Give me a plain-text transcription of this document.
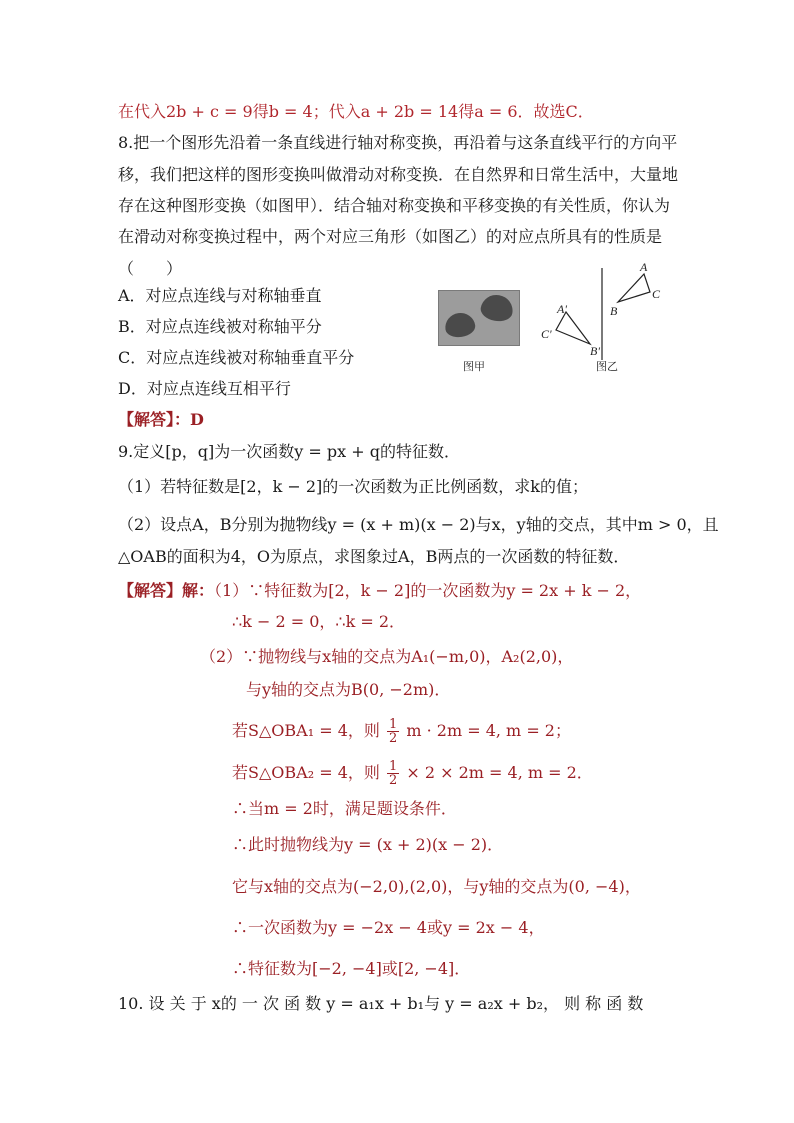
在代入2b + c = 9得b = 4；代入a + 2b = 14得a = 6．故选C．
8.把一个图形先沿着一条直线进行轴对称变换，再沿着与这条直线平行的方向平
移，我们把这样的图形变换叫做滑动对称变换．在自然界和日常生活中，大量地
存在这种图形变换（如图甲）．结合轴对称变换和平移变换的有关性质，你认为
在滑动对称变换过程中，两个对应三角形（如图乙）的对应点所具有的性质是
（　　）
A．对应点连线与对称轴垂直
B．对应点连线被对称轴平分
C．对应点连线被对称轴垂直平分
D．对应点连线互相平行
【解答】：D
图甲
A'
C'
B'
A
C
B
图乙
9.定义[p，q]为一次函数y = px + q的特征数．
（1）若特征数是[2，k − 2]的一次函数为正比例函数，求k的值；
（2）设点A，B分别为抛物线y = (x + m)(x − 2)与x，y轴的交点，其中m > 0，且
△OAB的面积为4，O为原点，求图象过A，B两点的一次函数的特征数．
【解答】解：（1）∵特征数为[2，k − 2]的一次函数为y = 2x + k − 2，
∴k − 2 = 0，∴k = 2．
（2）∵抛物线与x轴的交点为A₁(−m,0)，A₂(2,0)，
与y轴的交点为B(0, −2m)．
若S△OBA₁ = 4，则 $\frac{1}{2}$ m · 2m = 4, m = 2；
若S△OBA₂ = 4，则 $\frac{1}{2} \times 2 \times 2m = 4$, m = 2．
∴当m = 2时，满足题设条件．
∴此时抛物线为y = (x + 2)(x − 2)．
它与x轴的交点为(−2,0),(2,0)，与y轴的交点为(0, −4)，
∴一次函数为y = −2x − 4或y = 2x − 4，
∴特征数为[−2, −4]或[2, −4]．
10. 设 关 于 x的 一 次 函 数 y = a₁x + b₁与 y = a₂x + b₂， 则 称 函 数
